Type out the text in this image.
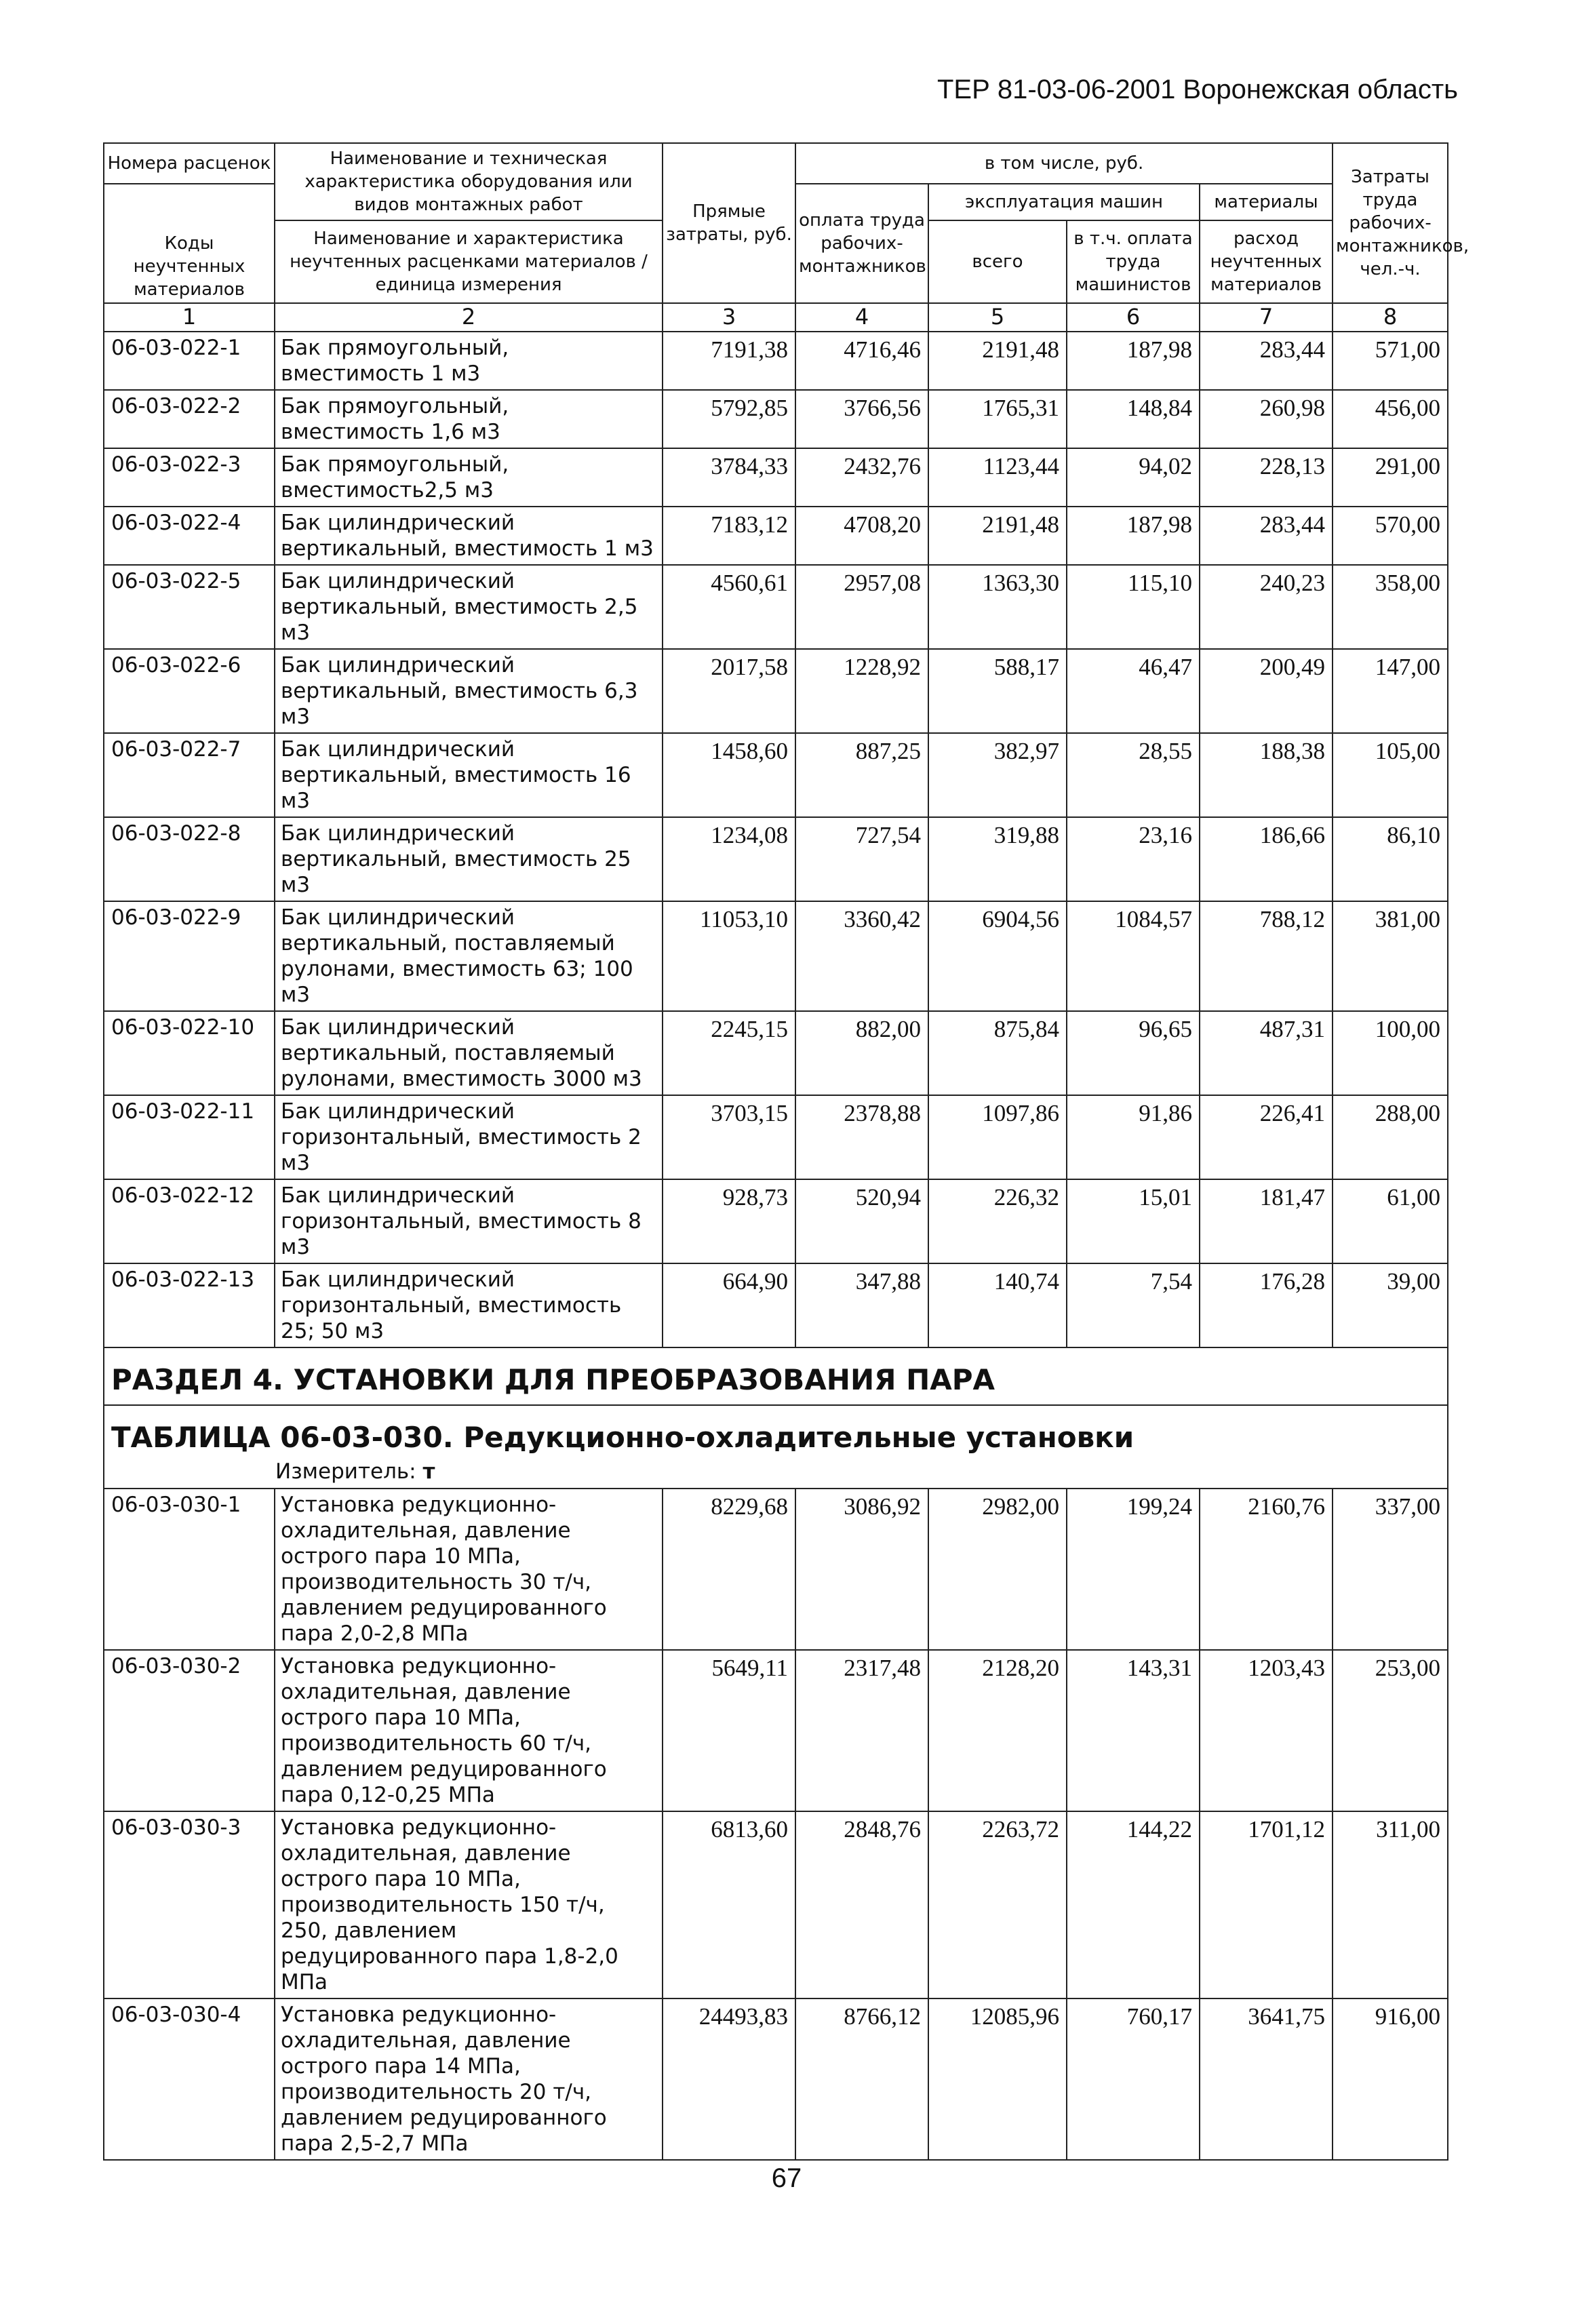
ТЕР 81-03-06-2001 Воронежская область
Номера расценок	Наименование и техническая характеристика оборудования или видов монтажных работ	Прямые затраты, руб.	в том числе, руб.				Затраты труда рабочих-монтажников, чел.-ч.
Коды неучтенных материалов			оплата труда рабочих-монтажников	эксплуатация машин		материалы	
	Наименование и характеристика неучтенных расценками материалов / единица измерения			всего	в т.ч. оплата труда машинистов	расход неучтенных материалов	

1	2	3	4	5	6	7	8
06-03-022-1	Бак прямоугольный, вместимость 1 м3	7191,38	4716,46	2191,48	187,98	283,44	571,00
06-03-022-2	Бак прямоугольный, вместимость 1,6 м3	5792,85	3766,56	1765,31	148,84	260,98	456,00
06-03-022-3	Бак прямоугольный, вместимость2,5 м3	3784,33	2432,76	1123,44	94,02	228,13	291,00
06-03-022-4	Бак цилиндрический вертикальный, вместимость 1 м3	7183,12	4708,20	2191,48	187,98	283,44	570,00
06-03-022-5	Бак цилиндрический вертикальный, вместимость 2,5 м3	4560,61	2957,08	1363,30	115,10	240,23	358,00
06-03-022-6	Бак цилиндрический вертикальный, вместимость 6,3 м3	2017,58	1228,92	588,17	46,47	200,49	147,00
06-03-022-7	Бак цилиндрический вертикальный, вместимость 16 м3	1458,60	887,25	382,97	28,55	188,38	105,00
06-03-022-8	Бак цилиндрический вертикальный, вместимость 25 м3	1234,08	727,54	319,88	23,16	186,66	86,10
06-03-022-9	Бак цилиндрический вертикальный, поставляемый рулонами, вместимость 63; 100 м3	11053,10	3360,42	6904,56	1084,57	788,12	381,00
06-03-022-10	Бак цилиндрический вертикальный, поставляемый рулонами, вместимость 3000 м3	2245,15	882,00	875,84	96,65	487,31	100,00
06-03-022-11	Бак цилиндрический горизонтальный, вместимость 2 м3	3703,15	2378,88	1097,86	91,86	226,41	288,00
06-03-022-12	Бак цилиндрический горизонтальный, вместимость 8 м3	928,73	520,94	226,32	15,01	181,47	61,00
06-03-022-13	Бак цилиндрический горизонтальный, вместимость 25; 50 м3	664,90	347,88	140,74	7,54	176,28	39,00
РАЗДЕЛ 4. УСТАНОВКИ ДЛЯ ПРЕОБРАЗОВАНИЯ ПАРА							

ТАБЛИЦА 06-03-030. Редукционно-охладительные установки
Измеритель: т							

06-03-030-1	Установка редукционно-охладительная, давление острого пара 10 МПа, производительность 30 т/ч, давлением редуцированного пара 2,0-2,8 МПа	8229,68	3086,92	2982,00	199,24	2160,76	337,00
06-03-030-2	Установка редукционно-охладительная, давление острого пара 10 МПа, производительность 60 т/ч, давлением редуцированного пара 0,12-0,25 МПа	5649,11	2317,48	2128,20	143,31	1203,43	253,00
06-03-030-3	Установка редукционно-охладительная, давление острого пара 10 МПа, производительность 150 т/ч, 250, давлением редуцированного пара 1,8-2,0 МПа	6813,60	2848,76	2263,72	144,22	1701,12	311,00
06-03-030-4	Установка редукционно-охладительная, давление острого пара 14 МПа, производительность 20 т/ч, давлением редуцированного пара 2,5-2,7 МПа	24493,83	8766,12	12085,96	760,17	3641,75	916,00
67
